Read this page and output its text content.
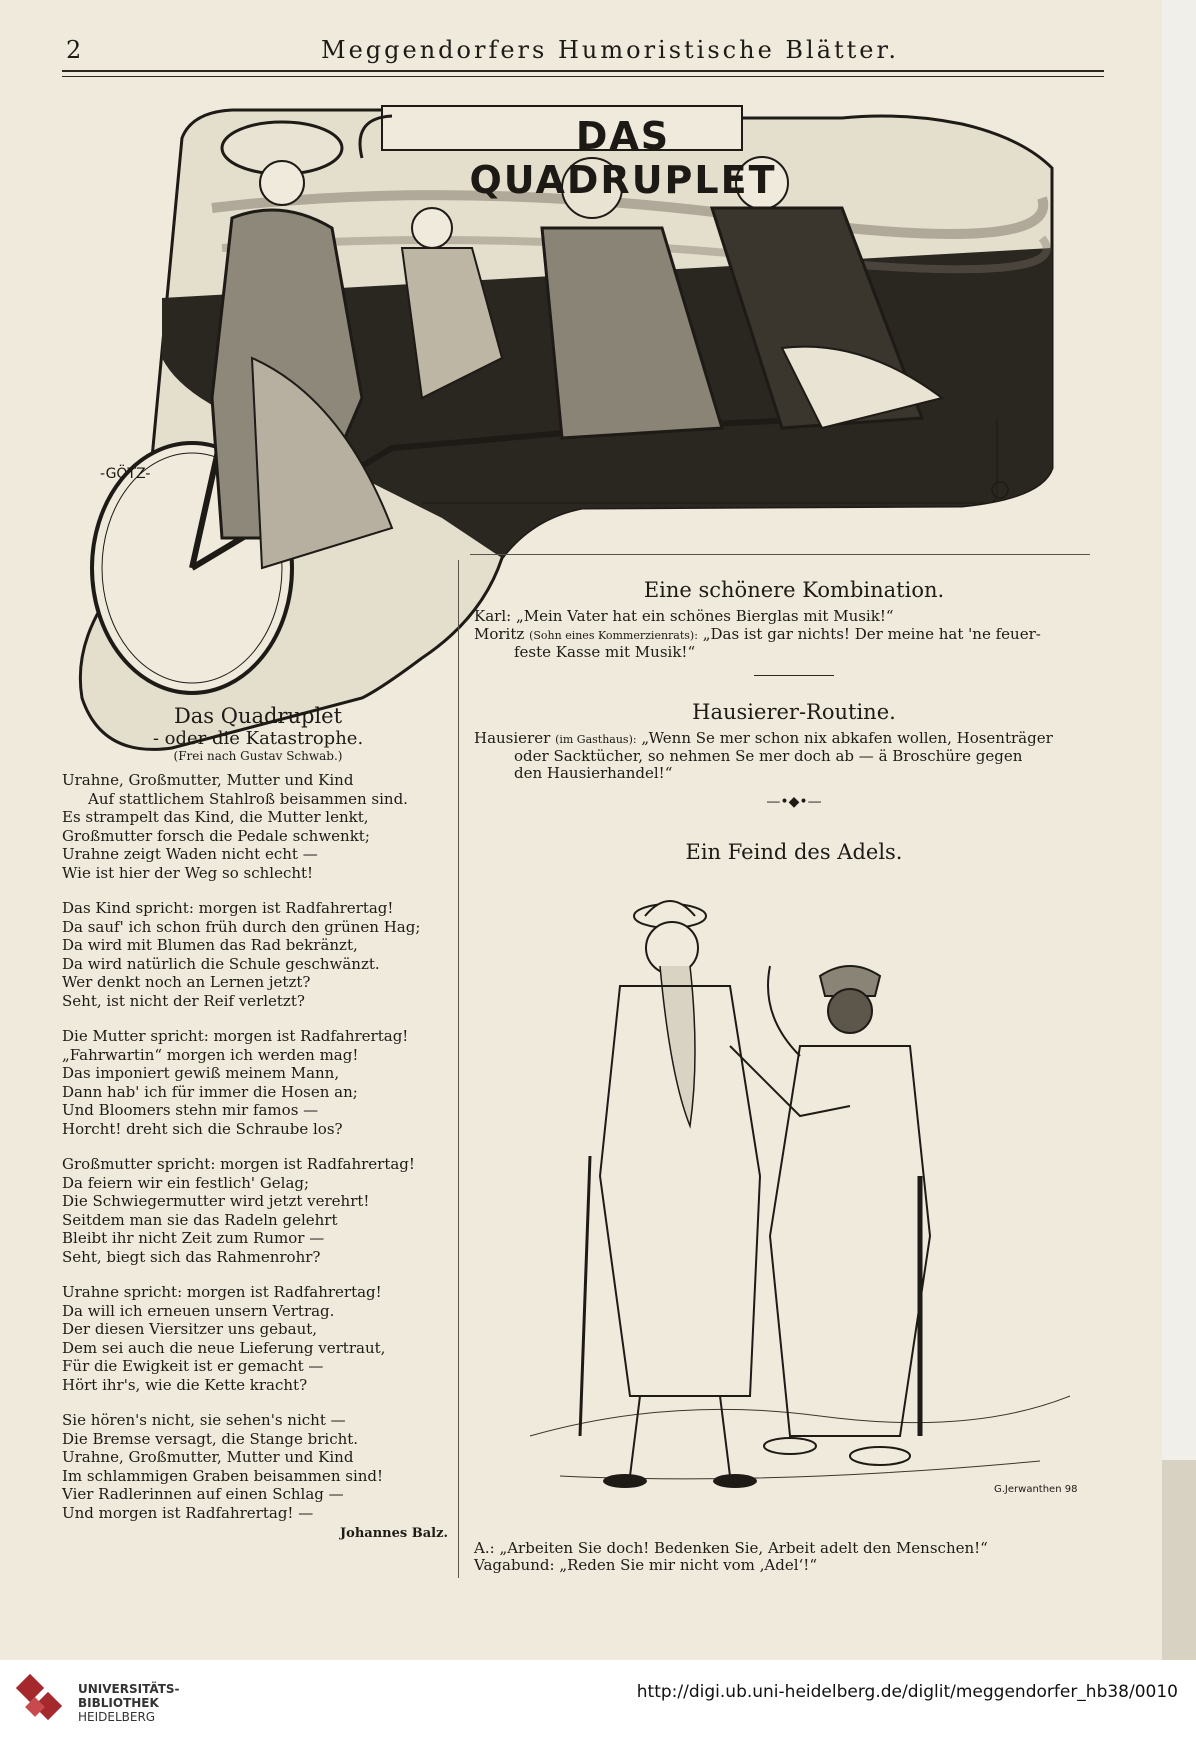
2	Meggendorfers Humoristische Blätter.
DAS QUADRUPLET
-GÖTZ-
Das Quadruplet
- oder die Katastrophe.
(Frei nach Gustav Schwab.)
Urahne, Großmutter, Mutter und Kind
Auf stattlichem Stahlroß beisammen sind.
Es strampelt das Kind, die Mutter lenkt,
Großmutter forsch die Pedale schwenkt;
Urahne zeigt Waden nicht echt —
Wie ist hier der Weg so schlecht!
Das Kind spricht: morgen ist Radfahrertag!
Da sauf' ich schon früh durch den grünen Hag;
Da wird mit Blumen das Rad bekränzt,
Da wird natürlich die Schule geschwänzt.
Wer denkt noch an Lernen jetzt?
Seht, ist nicht der Reif verletzt?
Die Mutter spricht: morgen ist Radfahrertag!
„Fahrwartin“ morgen ich werden mag!
Das imponiert gewiß meinem Mann,
Dann hab' ich für immer die Hosen an;
Und Bloomers stehn mir famos —
Horcht! dreht sich die Schraube los?
Großmutter spricht: morgen ist Radfahrertag!
Da feiern wir ein festlich' Gelag;
Die Schwiegermutter wird jetzt verehrt!
Seitdem man sie das Radeln gelehrt
Bleibt ihr nicht Zeit zum Rumor —
Seht, biegt sich das Rahmenrohr?
Urahne spricht: morgen ist Radfahrertag!
Da will ich erneuen unsern Vertrag.
Der diesen Viersitzer uns gebaut,
Dem sei auch die neue Lieferung vertraut,
Für die Ewigkeit ist er gemacht —
Hört ihr's, wie die Kette kracht?
Sie hören's nicht, sie sehen's nicht —
Die Bremse versagt, die Stange bricht.
Urahne, Großmutter, Mutter und Kind
Im schlammigen Graben beisammen sind!
Vier Radlerinnen auf einen Schlag —
Und morgen ist Radfahrertag! —
Johannes Balz.
Eine schönere Kombination.
Karl: „Mein Vater hat ein schönes Bierglas mit Musik!“
Moritz (Sohn eines Kommerzienrats): „Das ist gar nichts! Der meine hat 'ne feuer-
feste Kasse mit Musik!“
Hausierer-Routine.
Hausierer (im Gasthaus): „Wenn Se mer schon nix abkafen wollen, Hosenträger
oder Sacktücher, so nehmen Se mer doch ab — ä Broschüre gegen
den Hausierhandel!“
—•◆•—
Ein Feind des Adels.
G.Jerwanthen 98
A.: „Arbeiten Sie doch! Bedenken Sie, Arbeit adelt den Menschen!“
Vagabund: „Reden Sie mir nicht vom ‚Adel‘!“
UNIVERSITÄTS-
BIBLIOTHEK
HEIDELBERG
http://digi.ub.uni-heidelberg.de/diglit/meggendorfer_hb38/0010
